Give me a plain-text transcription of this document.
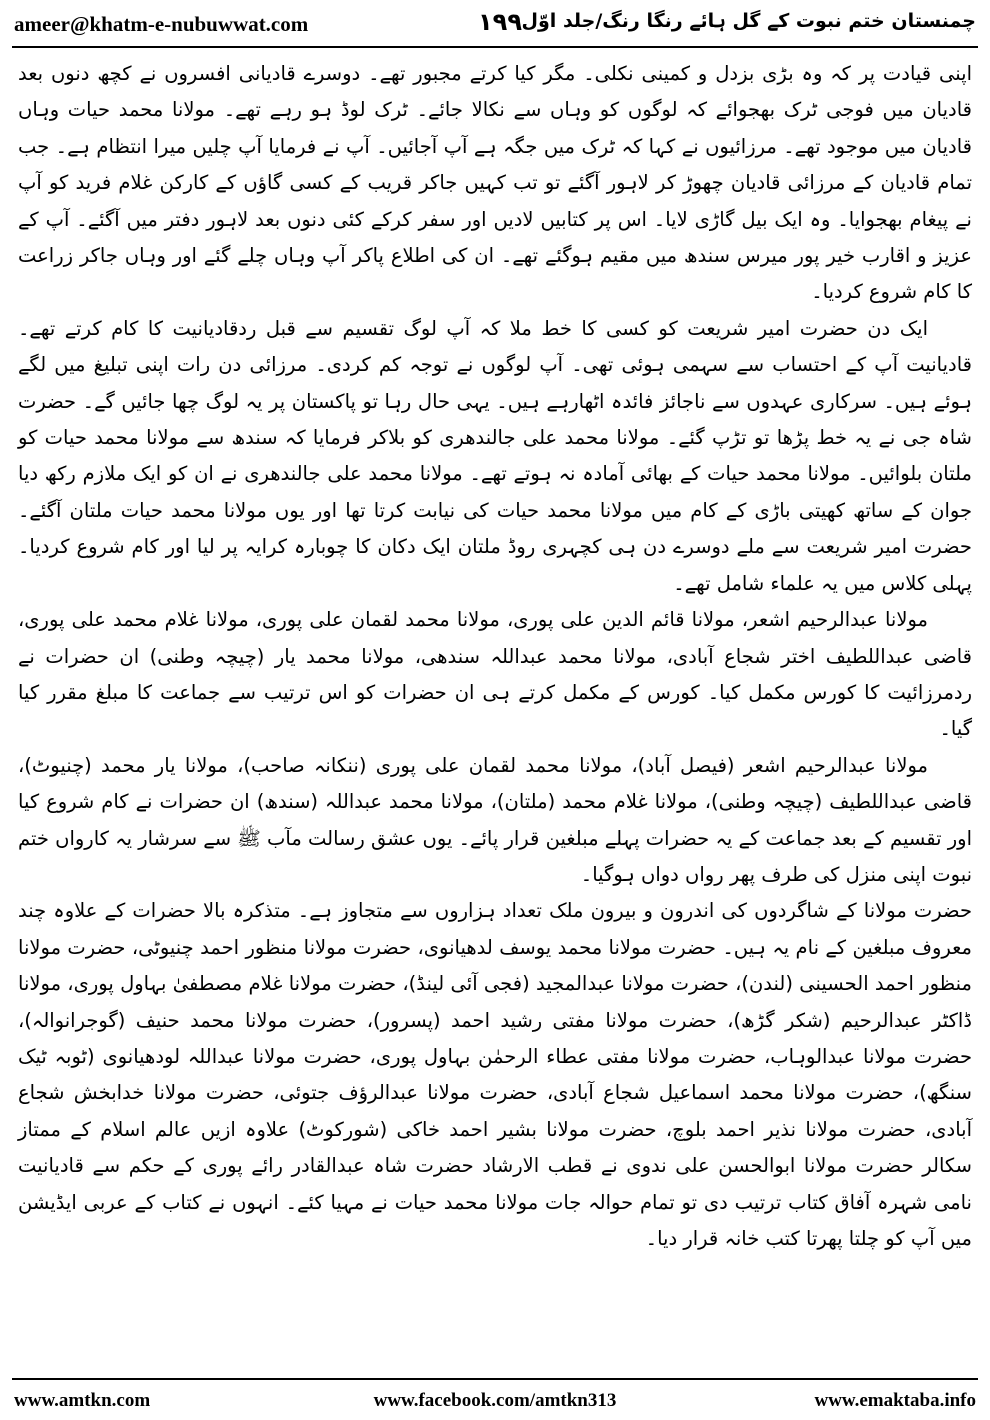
ameer@khatm-e-nubuwwat.com	۱۹۹ چمنستان ختم نبوت کے گل ہائے رنگا رنگ/جلد اوّل

اپنی قیادت پر کہ وہ بڑی بزدل و کمینی نکلی۔ مگر کیا کرتے مجبور تھے۔ دوسرے قادیانی افسروں نے کچھ دنوں بعد قادیان میں فوجی ٹرک بھجوائے کہ لوگوں کو وہاں سے نکالا جائے۔ ٹرک لوڈ ہو رہے تھے۔ مولانا محمد حیات وہاں قادیان میں موجود تھے۔ مرزائیوں نے کہا کہ ٹرک میں جگہ ہے آپ آجائیں۔ آپ نے فرمایا آپ چلیں میرا انتظام ہے۔ جب تمام قادیان کے مرزائی قادیان چھوڑ کر لاہور آگئے تو تب کہیں جاکر قریب کے کسی گاؤں کے کارکن غلام فرید کو آپ نے پیغام بھجوایا۔ وہ ایک بیل گاڑی لایا۔ اس پر کتابیں لادیں اور سفر کرکے کئی دنوں بعد لاہور دفتر میں آگئے۔ آپ کے عزیز و اقارب خیر پور میرس سندھ میں مقیم ہوگئے تھے۔ ان کی اطلاع پاکر آپ وہاں چلے گئے اور وہاں جاکر زراعت کا کام شروع کردیا۔

ایک دن حضرت امیر شریعت کو کسی کا خط ملا کہ آپ لوگ تقسیم سے قبل ردقادیانیت کا کام کرتے تھے۔ قادیانیت آپ کے احتساب سے سہمی ہوئی تھی۔ آپ لوگوں نے توجہ کم کردی۔ مرزائی دن رات اپنی تبلیغ میں لگے ہوئے ہیں۔ سرکاری عہدوں سے ناجائز فائدہ اٹھارہے ہیں۔ یہی حال رہا تو پاکستان پر یہ لوگ چھا جائیں گے۔ حضرت شاہ جی نے یہ خط پڑھا تو تڑپ گئے۔ مولانا محمد علی جالندھری کو بلاکر فرمایا کہ سندھ سے مولانا محمد حیات کو ملتان بلوائیں۔ مولانا محمد حیات کے بھائی آمادہ نہ ہوتے تھے۔ مولانا محمد علی جالندھری نے ان کو ایک ملازم رکھ دیا جوان کے ساتھ کھیتی باڑی کے کام میں مولانا محمد حیات کی نیابت کرتا تھا اور یوں مولانا محمد حیات ملتان آگئے۔ حضرت امیر شریعت سے ملے دوسرے دن ہی کچہری روڈ ملتان ایک دکان کا چوبارہ کرایہ پر لیا اور کام شروع کردیا۔ پہلی کلاس میں یہ علماء شامل تھے۔

مولانا عبدالرحیم اشعر، مولانا قائم الدین علی پوری، مولانا محمد لقمان علی پوری، مولانا غلام محمد علی پوری، قاضی عبداللطیف اختر شجاع آبادی، مولانا محمد عبداللہ سندھی، مولانا محمد یار (چیچہ وطنی) ان حضرات نے ردمرزائیت کا کورس مکمل کیا۔ کورس کے مکمل کرتے ہی ان حضرات کو اس ترتیب سے جماعت کا مبلغ مقرر کیا گیا۔

مولانا عبدالرحیم اشعر (فیصل آباد)، مولانا محمد لقمان علی پوری (ننکانہ صاحب)، مولانا یار محمد (چنیوٹ)، قاضی عبداللطیف (چیچہ وطنی)، مولانا غلام محمد (ملتان)، مولانا محمد عبداللہ (سندھ) ان حضرات نے کام شروع کیا اور تقسیم کے بعد جماعت کے یہ حضرات پہلے مبلغین قرار پائے۔ یوں عشق رسالت مآب ﷺ سے سرشار یہ کارواں ختم نبوت اپنی منزل کی طرف پھر رواں دواں ہوگیا۔

حضرت مولانا کے شاگردوں کی اندرون و بیرون ملک تعداد ہزاروں سے متجاوز ہے۔ متذکرہ بالا حضرات کے علاوہ چند معروف مبلغین کے نام یہ ہیں۔ حضرت مولانا محمد یوسف لدھیانوی، حضرت مولانا منظور احمد چنیوٹی، حضرت مولانا منظور احمد الحسینی (لندن)، حضرت مولانا عبدالمجید (فجی آئی لینڈ)، حضرت مولانا غلام مصطفیٰ بہاول پوری، مولانا ڈاکٹر عبدالرحیم (شکر گڑھ)، حضرت مولانا مفتی رشید احمد (پسرور)، حضرت مولانا محمد حنیف (گوجرانوالہ)، حضرت مولانا عبدالوہاب، حضرت مولانا مفتی عطاء الرحمٰن بہاول پوری، حضرت مولانا عبداللہ لودھیانوی (ٹوبہ ٹیک سنگھ)، حضرت مولانا محمد اسماعیل شجاع آبادی، حضرت مولانا عبدالرؤف جتوئی، حضرت مولانا خدابخش شجاع آبادی، حضرت مولانا نذیر احمد بلوچ، حضرت مولانا بشیر احمد خاکی (شورکوٹ) علاوہ ازیں عالم اسلام کے ممتاز سکالر حضرت مولانا ابوالحسن علی ندوی نے قطب الارشاد حضرت شاہ عبدالقادر رائے پوری کے حکم سے قادیانیت نامی شہرہ آفاق کتاب ترتیب دی تو تمام حوالہ جات مولانا محمد حیات نے مہیا کئے۔ انہوں نے کتاب کے عربی ایڈیشن میں آپ کو چلتا پھرتا کتب خانہ قرار دیا۔

www.amtkn.com	www.facebook.com/amtkn313	www.emaktaba.info
